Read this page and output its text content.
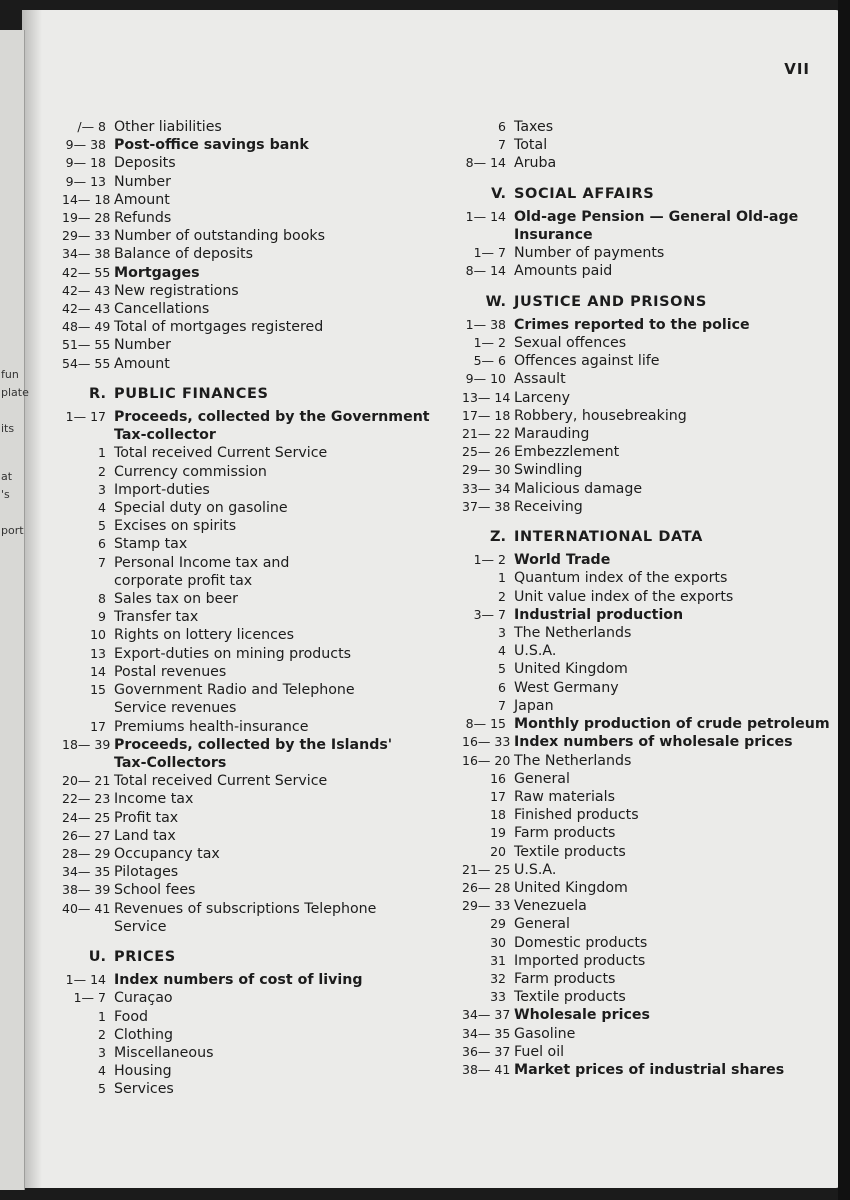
VII
/— 8 Other liabilities
9— 38 Post-office savings bank
9— 18 Deposits
9— 13 Number
14— 18 Amount
19— 28 Refunds
29— 33 Number of outstanding books
34— 38 Balance of deposits
42— 55 Mortgages
42— 43 New registrations
42— 43 Cancellations
48— 49 Total of mortgages registered
51— 55 Number
54— 55 Amount
R. PUBLIC FINANCES
1— 17 Proceeds, collected by the Government
Tax-collector
1 Total received Current Service
2 Currency commission
3 Import-duties
4 Special duty on gasoline
5 Excises on spirits
6 Stamp tax
7 Personal Income tax and
corporate profit tax
8 Sales tax on beer
9 Transfer tax
10 Rights on lottery licences
13 Export-duties on mining products
14 Postal revenues
15 Government Radio and Telephone
Service revenues
17 Premiums health-insurance
18— 39 Proceeds, collected by the Islands'
Tax-Collectors
20— 21 Total received Current Service
22— 23 Income tax
24— 25 Profit tax
26— 27 Land tax
28— 29 Occupancy tax
34— 35 Pilotages
38— 39 School fees
40— 41 Revenues of subscriptions Telephone
Service
U. PRICES
1— 14 Index numbers of cost of living
1— 7 Curaçao
1 Food
2 Clothing
3 Miscellaneous
4 Housing
5 Services
6 Taxes
7 Total
8— 14 Aruba
V. SOCIAL AFFAIRS
1— 14 Old-age Pension — General Old-age
Insurance
1— 7 Number of payments
8— 14 Amounts paid
W. JUSTICE AND PRISONS
1— 38 Crimes reported to the police
1— 2 Sexual offences
5— 6 Offences against life
9— 10 Assault
13— 14 Larceny
17— 18 Robbery, housebreaking
21— 22 Marauding
25— 26 Embezzlement
29— 30 Swindling
33— 34 Malicious damage
37— 38 Receiving
Z. INTERNATIONAL DATA
1— 2 World Trade
1 Quantum index of the exports
2 Unit value index of the exports
3— 7 Industrial production
3 The Netherlands
4 U.S.A.
5 United Kingdom
6 West Germany
7 Japan
8— 15 Monthly production of crude petroleum
16— 33 Index numbers of wholesale prices
16— 20 The Netherlands
16 General
17 Raw materials
18 Finished products
19 Farm products
20 Textile products
21— 25 U.S.A.
26— 28 United Kingdom
29— 33 Venezuela
29 General
30 Domestic products
31 Imported products
32 Farm products
33 Textile products
34— 37 Wholesale prices
34— 35 Gasoline
36— 37 Fuel oil
38— 41 Market prices of industrial shares
fun
plate
its
at
's
port
